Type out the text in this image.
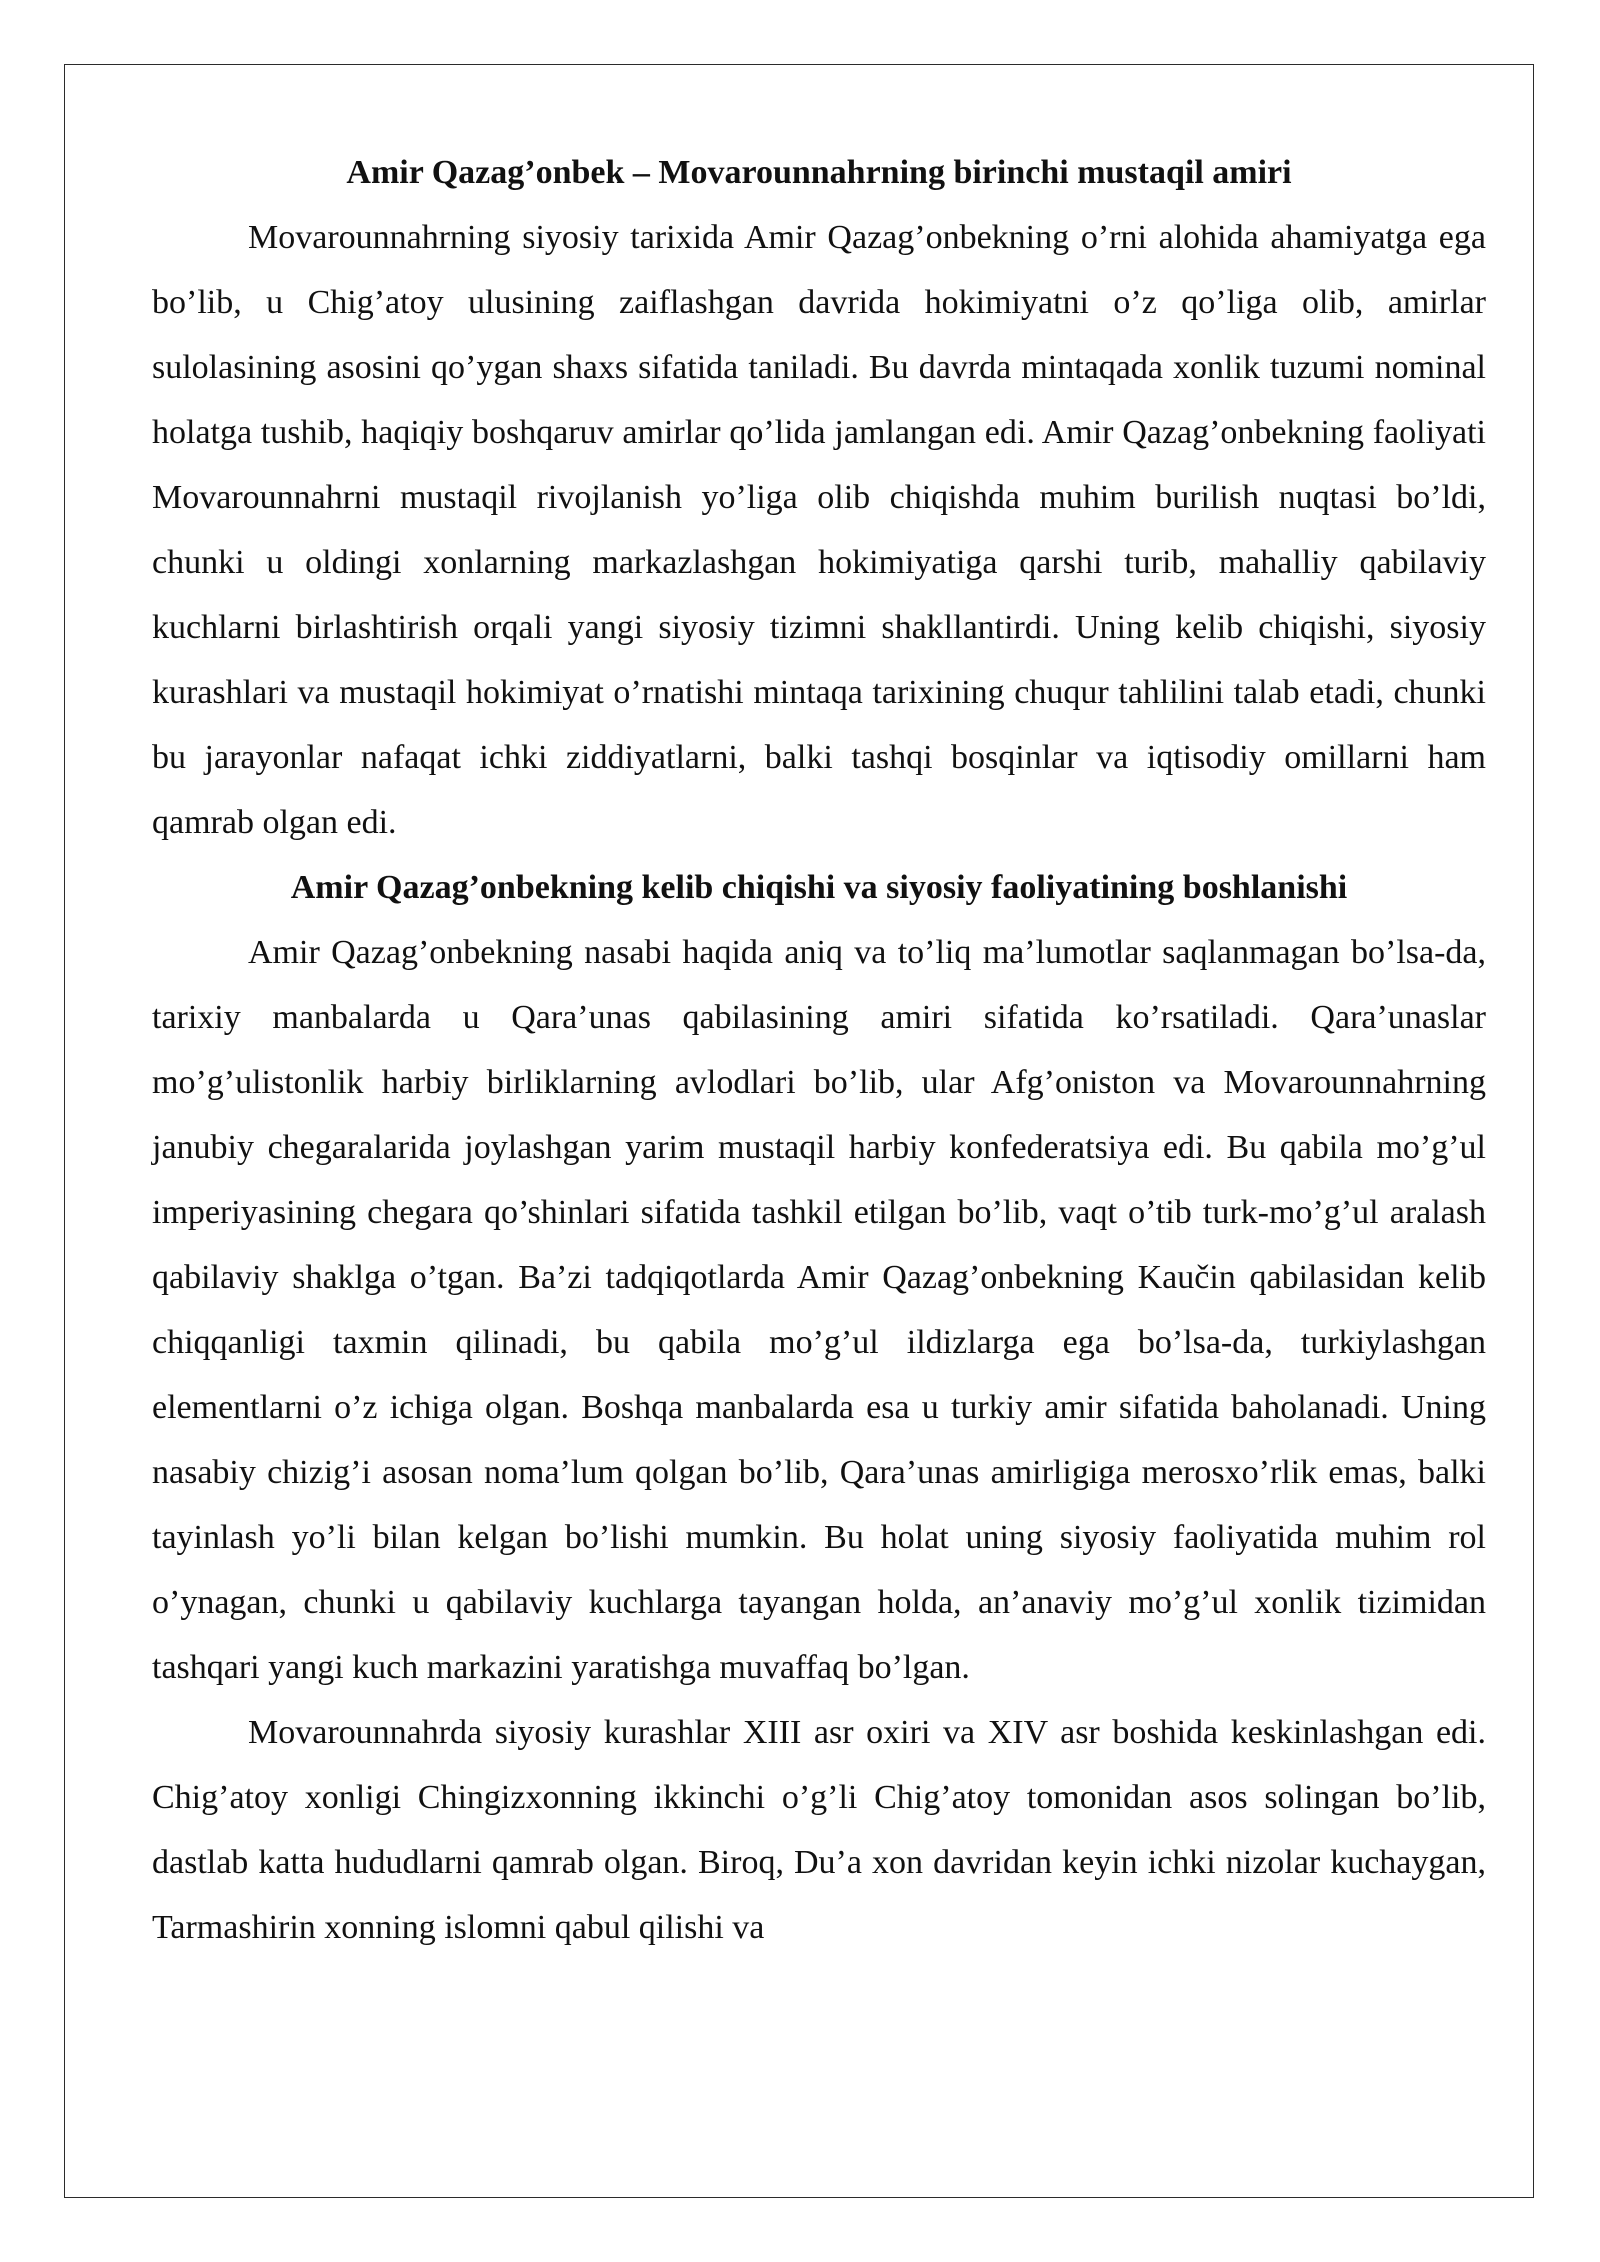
Amir Qazag’onbek – Movarounnahrning birinchi mustaqil amiri

Movarounnahrning siyosiy tarixida Amir Qazag’onbekning o’rni alohida ahamiyatga ega bo’lib, u Chig’atoy ulusining zaiflashgan davrida hokimiyatni o’z qo’liga olib, amirlar sulolasining asosini qo’ygan shaxs sifatida taniladi. Bu davrda mintaqada xonlik tuzumi nominal holatga tushib, haqiqiy boshqaruv amirlar qo’lida jamlangan edi. Amir Qazag’onbekning faoliyati Movarounnahrni mustaqil rivojlanish yo’liga olib chiqishda muhim burilish nuqtasi bo’ldi, chunki u oldingi xonlarning markazlashgan hokimiyatiga qarshi turib, mahalliy qabilaviy kuchlarni birlashtirish orqali yangi siyosiy tizimni shakllantirdi. Uning kelib chiqishi, siyosiy kurashlari va mustaqil hokimiyat o’rnatishi mintaqa tarixining chuqur tahlilini talab etadi, chunki bu jarayonlar nafaqat ichki ziddiyatlarni, balki tashqi bosqinlar va iqtisodiy omillarni ham qamrab olgan edi.

Amir Qazag’onbekning kelib chiqishi va siyosiy faoliyatining boshlanishi

Amir Qazag’onbekning nasabi haqida aniq va to’liq ma’lumotlar saqlanmagan bo’lsa-da, tarixiy manbalarda u Qara’unas qabilasining amiri sifatida ko’rsatiladi. Qara’unaslar mo’g’ulistonlik harbiy birliklarning avlodlari bo’lib, ular Afg’oniston va Movarounnahrning janubiy chegaralarida joylashgan yarim mustaqil harbiy konfederatsiya edi. Bu qabila mo’g’ul imperiyasining chegara qo’shinlari sifatida tashkil etilgan bo’lib, vaqt o’tib turk-mo’g’ul aralash qabilaviy shaklga o’tgan. Ba’zi tadqiqotlarda Amir Qazag’onbekning Kaučin qabilasidan kelib chiqqanligi taxmin qilinadi, bu qabila mo’g’ul ildizlarga ega bo’lsa-da, turkiylashgan elementlarni o’z ichiga olgan. Boshqa manbalarda esa u turkiy amir sifatida baholanadi. Uning nasabiy chizig’i asosan noma’lum qolgan bo’lib, Qara’unas amirligiga merosxo’rlik emas, balki tayinlash yo’li bilan kelgan bo’lishi mumkin. Bu holat uning siyosiy faoliyatida muhim rol o’ynagan, chunki u qabilaviy kuchlarga tayangan holda, an’anaviy mo’g’ul xonlik tizimidan tashqari yangi kuch markazini yaratishga muvaffaq bo’lgan.

Movarounnahrda siyosiy kurashlar XIII asr oxiri va XIV asr boshida keskinlashgan edi. Chig’atoy xonligi Chingizxonning ikkinchi o’g’li Chig’atoy tomonidan asos solingan bo’lib, dastlab katta hududlarni qamrab olgan. Biroq, Du’a xon davridan keyin ichki nizolar kuchaygan, Tarmashirin xonning islomni qabul qilishi va
